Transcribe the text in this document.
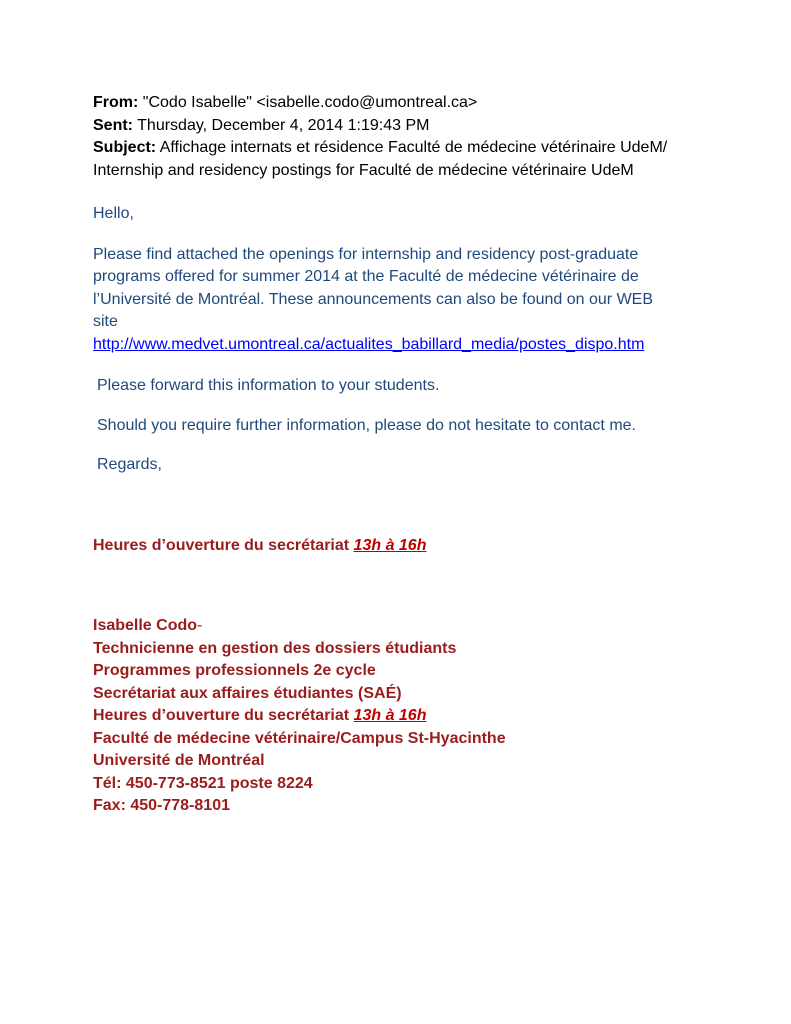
From: "Codo Isabelle" <isabelle.codo@umontreal.ca>
Sent: Thursday, December 4, 2014 1:19:43 PM
Subject: Affichage internats et résidence Faculté de médecine vétérinaire UdeM/
Internship and residency postings for Faculté de médecine vétérinaire UdeM
Hello,
Please find attached the openings for internship and residency post-graduate
programs offered for summer 2014 at the Faculté de médecine vétérinaire de
l’Université de Montréal. These announcements can also be found on our WEB
site
http://www.medvet.umontreal.ca/actualites_babillard_media/postes_dispo.htm
Please forward this information to your students.
Should you require further information, please do not hesitate to contact me.
Regards,
Heures d’ouverture du secrétariat 13h à 16h
Isabelle Codo-
Technicienne en gestion des dossiers étudiants
Programmes professionnels 2e cycle
Secrétariat aux affaires étudiantes (SAÉ)
Heures d’ouverture du secrétariat 13h à 16h
Faculté de médecine vétérinaire/Campus St-Hyacinthe
Université de Montréal
Tél: 450-773-8521 poste 8224
Fax: 450-778-8101
